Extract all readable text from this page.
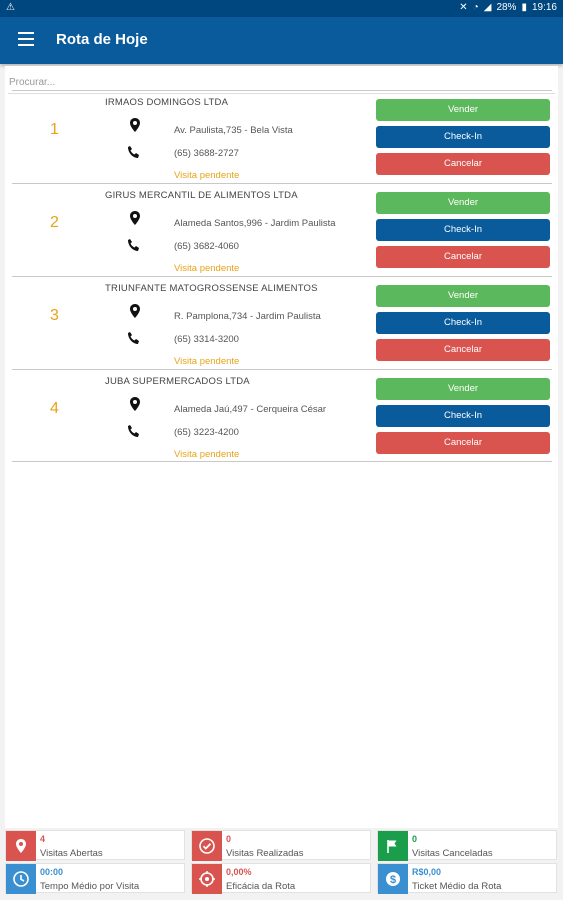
⚠	✕ ◔ ◢ 28% ▮ 19:16
Rota de Hoje
Procurar...
1
IRMAOS DOMINGOS LTDA
Av. Paulista,735 - Bela Vista
(65) 3688-2727
Visita pendente
Vender
Check-In
Cancelar
2
GIRUS MERCANTIL DE ALIMENTOS LTDA
Alameda Santos,996 - Jardim Paulista
(65) 3682-4060
Visita pendente
Vender
Check-In
Cancelar
3
TRIUNFANTE MATOGROSSENSE ALIMENTOS
R. Pamplona,734 - Jardim Paulista
(65) 3314-3200
Visita pendente
Vender
Check-In
Cancelar
4
JUBA SUPERMERCADOS LTDA
Alameda Jaú,497 - Cerqueira César
(65) 3223-4200
Visita pendente
Vender
Check-In
Cancelar
4
Visitas Abertas
0
Visitas Realizadas
0
Visitas Canceladas
00:00
Tempo Médio por Visita
0,00%
Eficácia da Rota
$
R$0,00
Ticket Médio da Rota
